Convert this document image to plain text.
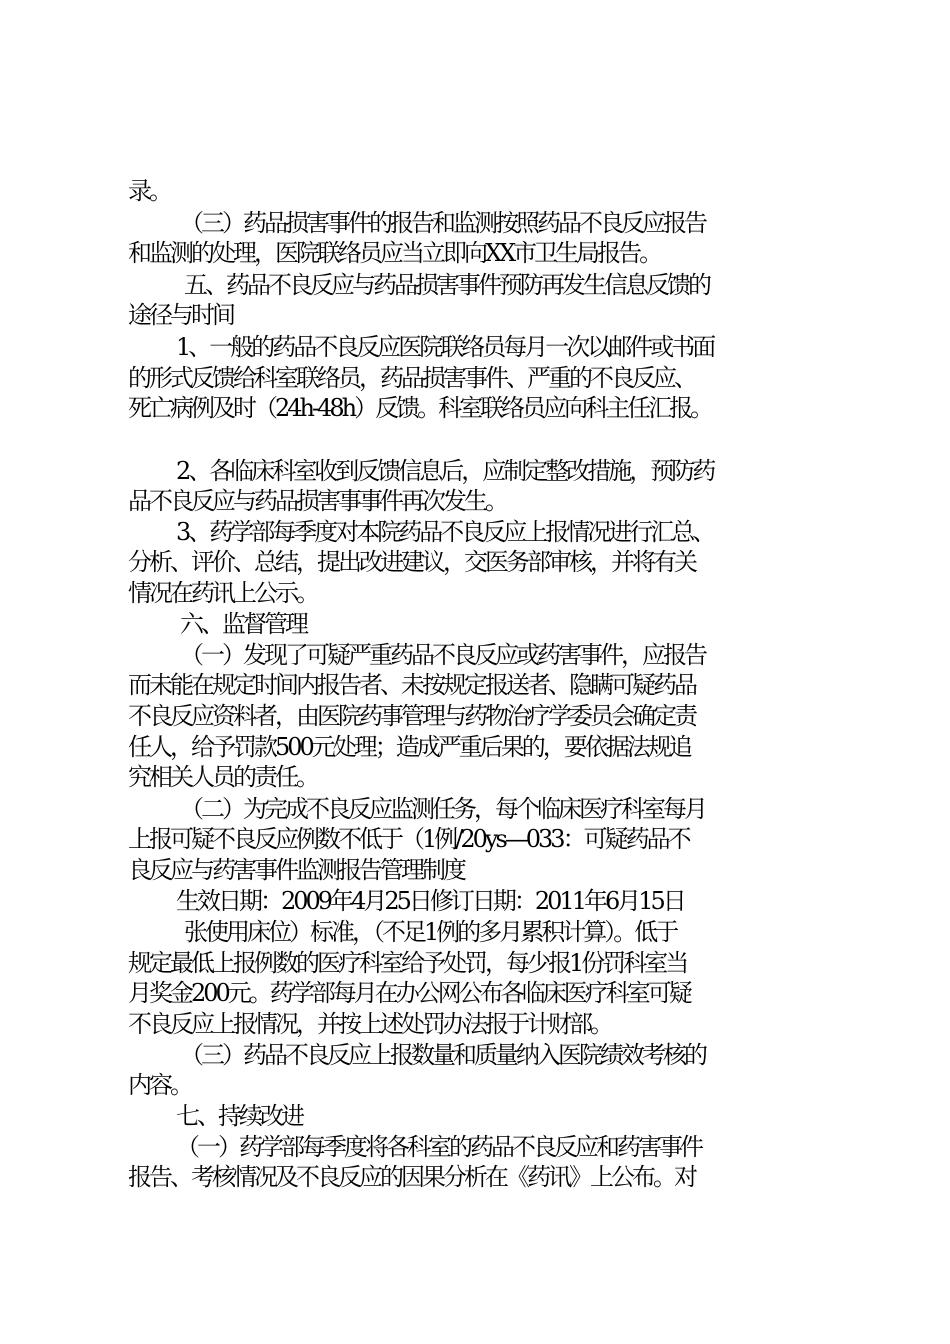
录。
（三）药品损害事件的报告和监测按照药品不良反应报告
和监测的处理，医院联络员应当立即向XX市卫生局报告。
五、药品不良反应与药品损害事件预防再发生信息反馈的
途径与时间
1、一般的药品不良反应医院联络员每月一次以邮件或书面
的形式反馈给科室联络员，药品损害事件、严重的不良反应、
死亡病例及时（24h-48h）反馈。科室联络员应向科主任汇报。
2、各临床科室收到反馈信息后，应制定整改措施，预防药
品不良反应与药品损害事事件再次发生。
3、药学部每季度对本院药品不良反应上报情况进行汇总、
分析、评价、总结，提出改进建议，交医务部审核，并将有关
情况在药讯上公示。
六、监督管理
（一）发现了可疑严重药品不良反应或药害事件，应报告
而未能在规定时间内报告者、未按规定报送者、隐瞒可疑药品
不良反应资料者，由医院药事管理与药物治疗学委员会确定责
任人，给予罚款500元处理；造成严重后果的，要依据法规追
究相关人员的责任。
（二）为完成不良反应监测任务，每个临床医疗科室每月
上报可疑不良反应例数不低于（1例/20ys—033：可疑药品不
良反应与药害事件监测报告管理制度
生效日期：2009年4月25日修订日期：2011年6月15日
张使用床位）标准，（不足1例的多月累积计算）。低于
规定最低上报例数的医疗科室给予处罚，每少报1份罚科室当
月奖金200元。药学部每月在办公网公布各临床医疗科室可疑
不良反应上报情况，并按上述处罚办法报于计财部。
（三）药品不良反应上报数量和质量纳入医院绩效考核的
内容。
七、持续改进
（一）药学部每季度将各科室的药品不良反应和药害事件
报告、考核情况及不良反应的因果分析在《药讯》上公布。对
